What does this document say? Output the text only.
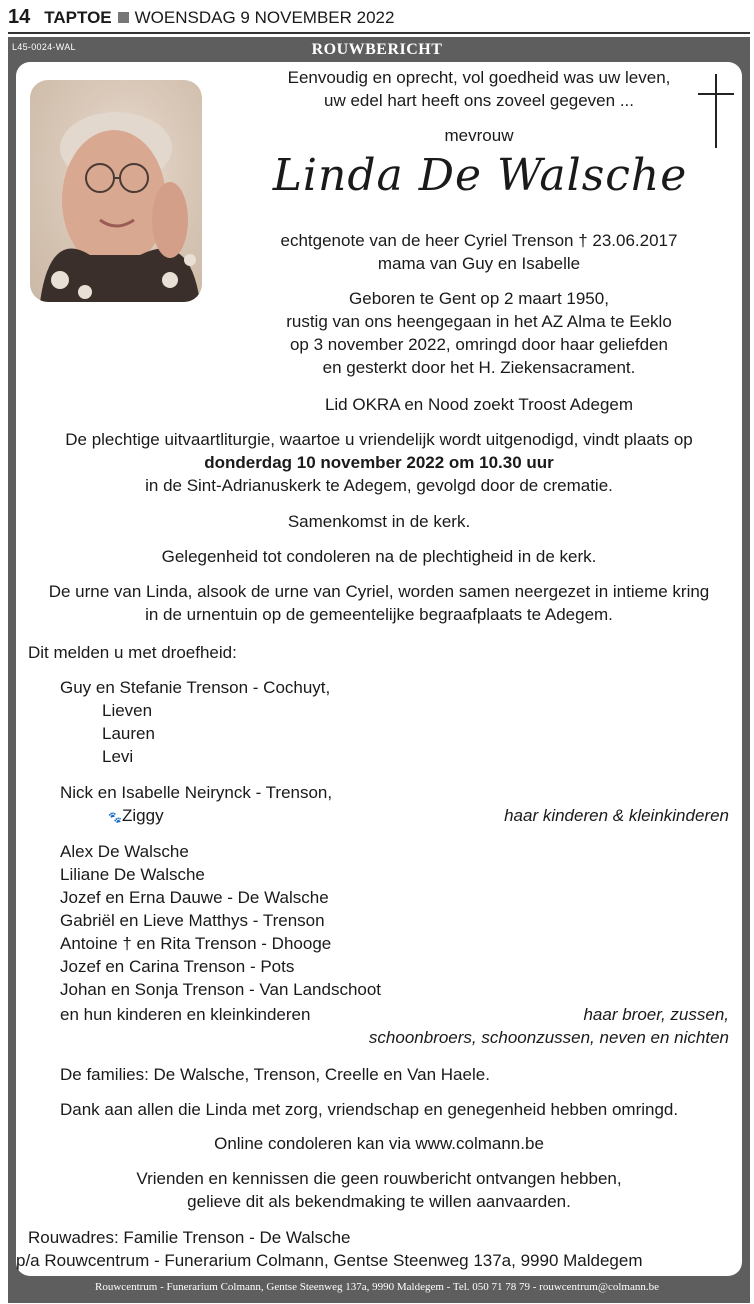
14 TAPTOE WOENSDAG 9 NOVEMBER 2022
L45-0024-WAL	ROUWBERICHT
Eenvoudig en oprecht, vol goedheid was uw leven,
uw edel hart heeft ons zoveel gegeven ...
mevrouw
Linda De Walsche
echtgenote van de heer Cyriel Trenson † 23.06.2017
mama van Guy en Isabelle
Geboren te Gent op 2 maart 1950,
rustig van ons heengegaan in het AZ Alma te Eeklo
op 3 november 2022, omringd door haar geliefden
en gesterkt door het H. Ziekensacrament.
Lid OKRA en Nood zoekt Troost Adegem
De plechtige uitvaartliturgie, waartoe u vriendelijk wordt uitgenodigd, vindt plaats op
donderdag 10 november 2022 om 10.30 uur
in de Sint-Adrianuskerk te Adegem, gevolgd door de crematie.
Samenkomst in de kerk.
Gelegenheid tot condoleren na de plechtigheid in de kerk.
De urne van Linda, alsook de urne van Cyriel, worden samen neergezet in intieme kring
in de urnentuin op de gemeentelijke begraafplaats te Adegem.
Dit melden u met droefheid:
Guy en Stefanie Trenson - Cochuyt,
Lieven
Lauren
Levi
Nick en Isabelle Neirynck - Trenson,
🐾Ziggy	haar kinderen & kleinkinderen
Alex De Walsche
Liliane De Walsche
Jozef en Erna Dauwe - De Walsche
Gabriël en Lieve Matthys - Trenson
Antoine † en Rita Trenson - Dhooge
Jozef en Carina Trenson - Pots
Johan en Sonja Trenson - Van Landschoot
en hun kinderen en kleinkinderen	haar broer, zussen,
schoonbroers, schoonzussen, neven en nichten
De families: De Walsche, Trenson, Creelle en Van Haele.
Dank aan allen die Linda met zorg, vriendschap en genegenheid hebben omringd.
Online condoleren kan via www.colmann.be
Vrienden en kennissen die geen rouwbericht ontvangen hebben,
gelieve dit als bekendmaking te willen aanvaarden.
Rouwadres: Familie Trenson - De Walsche
p/a Rouwcentrum - Funerarium Colmann, Gentse Steenweg 137a, 9990 Maldegem
Rouwcentrum - Funerarium Colmann, Gentse Steenweg 137a, 9990 Maldegem - Tel. 050 71 78 79 - rouwcentrum@colmann.be
